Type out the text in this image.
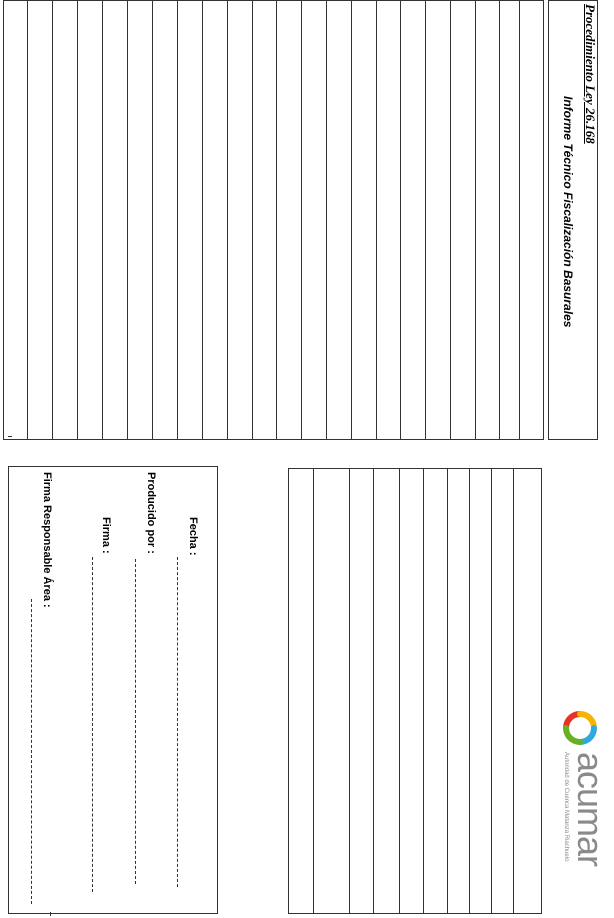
Procedimiento Ley 26.168
Informe Técnico Fiscalización Basurales
Fecha :
Producido por :
Firma :
Firma Responsable Área :
acumar
Autoridad de Cuenca Matanza Riachuelo
